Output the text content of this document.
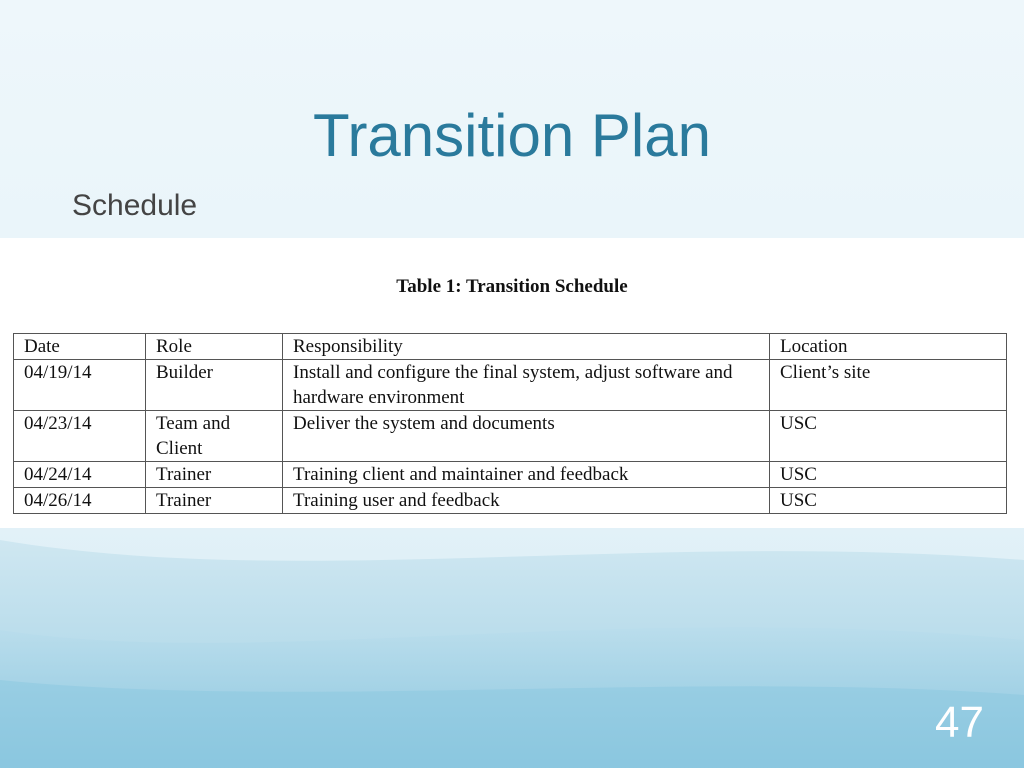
Transition Plan
Schedule
Table 1: Transition Schedule
Date	Role	Responsibility	Location
04/19/14	Builder	Install and configure the final system, adjust software and hardware environment	Client’s site
04/23/14	Team and Client	Deliver the system and documents	USC
04/24/14	Trainer	Training client and maintainer and feedback	USC
04/26/14	Trainer	Training user and feedback	USC
47
